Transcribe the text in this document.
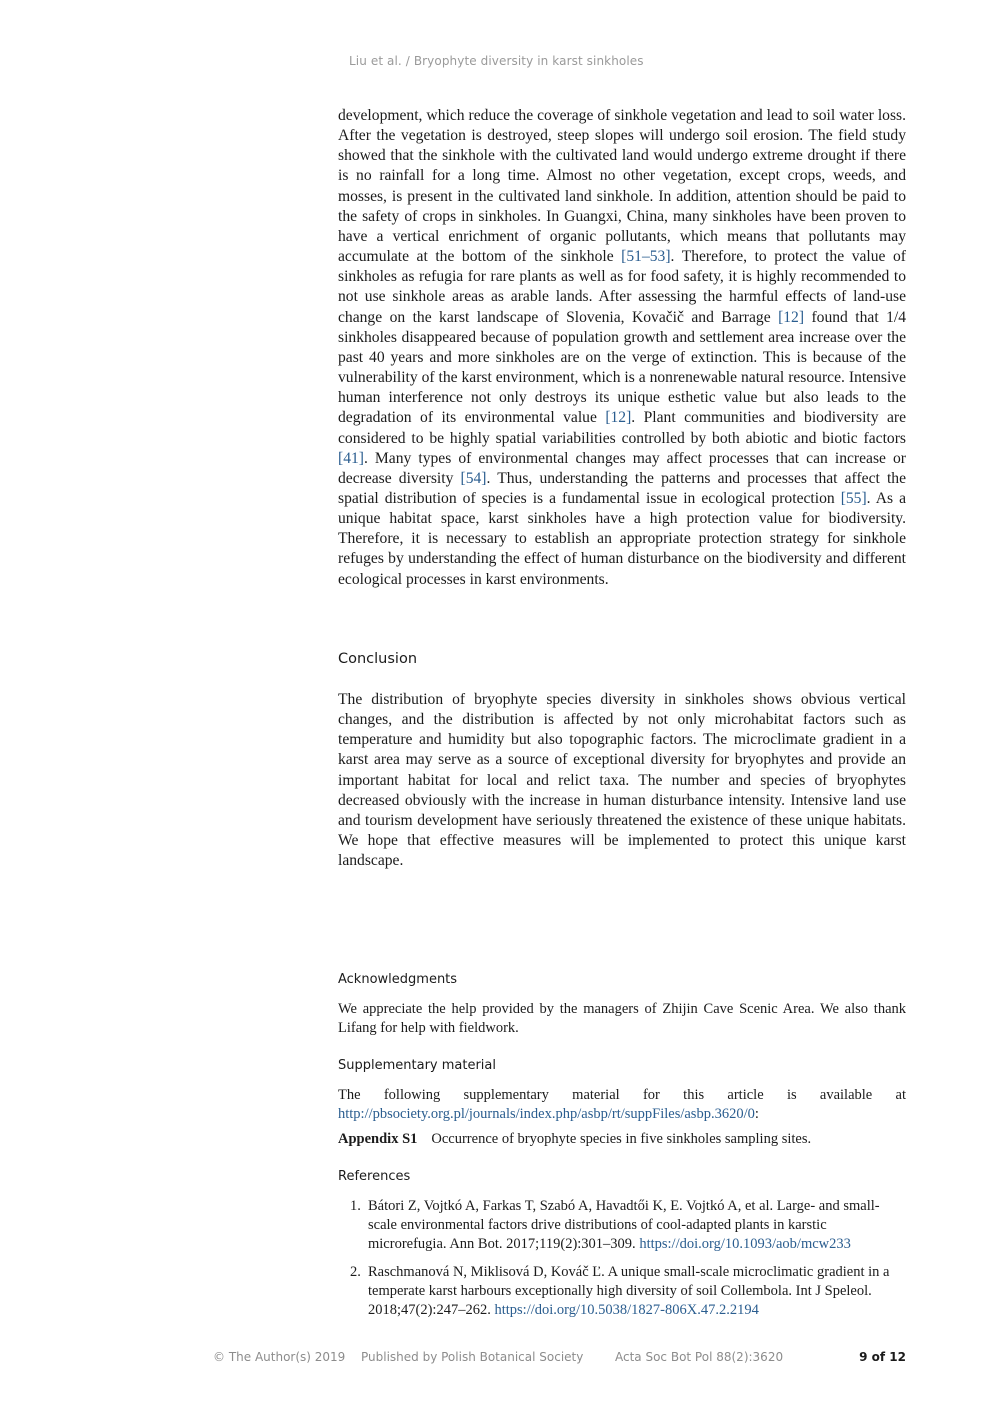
Liu et al. / Bryophyte diversity in karst sinkholes

development, which reduce the coverage of sinkhole vegetation and lead to soil water loss. After the vegetation is destroyed, steep slopes will undergo soil erosion. The field study showed that the sinkhole with the cultivated land would undergo extreme drought if there is no rainfall for a long time. Almost no other vegetation, except crops, weeds, and mosses, is present in the cultivated land sinkhole. In addition, attention should be paid to the safety of crops in sinkholes. In Guangxi, China, many sinkholes have been proven to have a vertical enrichment of organic pollutants, which means that pollutants may accumulate at the bottom of the sinkhole [51–53]. Therefore, to protect the value of sinkholes as refugia for rare plants as well as for food safety, it is highly recommended to not use sinkhole areas as arable lands. After assessing the harmful effects of land-use change on the karst landscape of Slovenia, Kovačič and Barrage [12] found that 1/4 sinkholes disappeared because of population growth and settlement area increase over the past 40 years and more sinkholes are on the verge of extinction. This is because of the vulnerability of the karst environment, which is a nonrenewable natural resource. Intensive human interference not only destroys its unique esthetic value but also leads to the degradation of its environmental value [12]. Plant communities and biodiversity are considered to be highly spatial variabilities controlled by both abiotic and biotic factors [41]. Many types of environmental changes may affect processes that can increase or decrease diversity [54]. Thus, understanding the patterns and processes that affect the spatial distribution of species is a fundamental issue in ecological protection [55]. As a unique habitat space, karst sinkholes have a high protection value for biodiversity. Therefore, it is necessary to establish an appropriate protection strategy for sinkhole refuges by understanding the effect of human disturbance on the biodiversity and different ecological processes in karst environments.

Conclusion

The distribution of bryophyte species diversity in sinkholes shows obvious vertical changes, and the distribution is affected by not only microhabitat factors such as temperature and humidity but also topographic factors. The microclimate gradient in a karst area may serve as a source of exceptional diversity for bryophytes and provide an important habitat for local and relict taxa. The number and species of bryophytes decreased obviously with the increase in human disturbance intensity. Intensive land use and tourism development have seriously threatened the existence of these unique habitats. We hope that effective measures will be implemented to protect this unique karst landscape.

Acknowledgments

We appreciate the help provided by the managers of Zhijin Cave Scenic Area. We also thank Lifang for help with fieldwork.

Supplementary material

The following supplementary material for this article is available at http://pbsociety.org.pl/journals/index.php/asbp/rt/suppFiles/asbp.3620/0:

Appendix S1 Occurrence of bryophyte species in five sinkholes sampling sites.

References
1. Bátori Z, Vojtkó A, Farkas T, Szabó A, Havadtői K, E. Vojtkó A, et al. Large- and small-scale environmental factors drive distributions of cool-adapted plants in karstic microrefugia. Ann Bot. 2017;119(2):301–309. https://doi.org/10.1093/aob/mcw233
2. Raschmanová N, Miklisová D, Kováč Ľ. A unique small-scale microclimatic gradient in a temperate karst harbours exceptionally high diversity of soil Collembola. Int J Speleol. 2018;47(2):247–262. https://doi.org/10.5038/1827-806X.47.2.2194
© The Author(s) 2019 Published by Polish Botanical Society	Acta Soc Bot Pol 88(2):3620	9 of 12
